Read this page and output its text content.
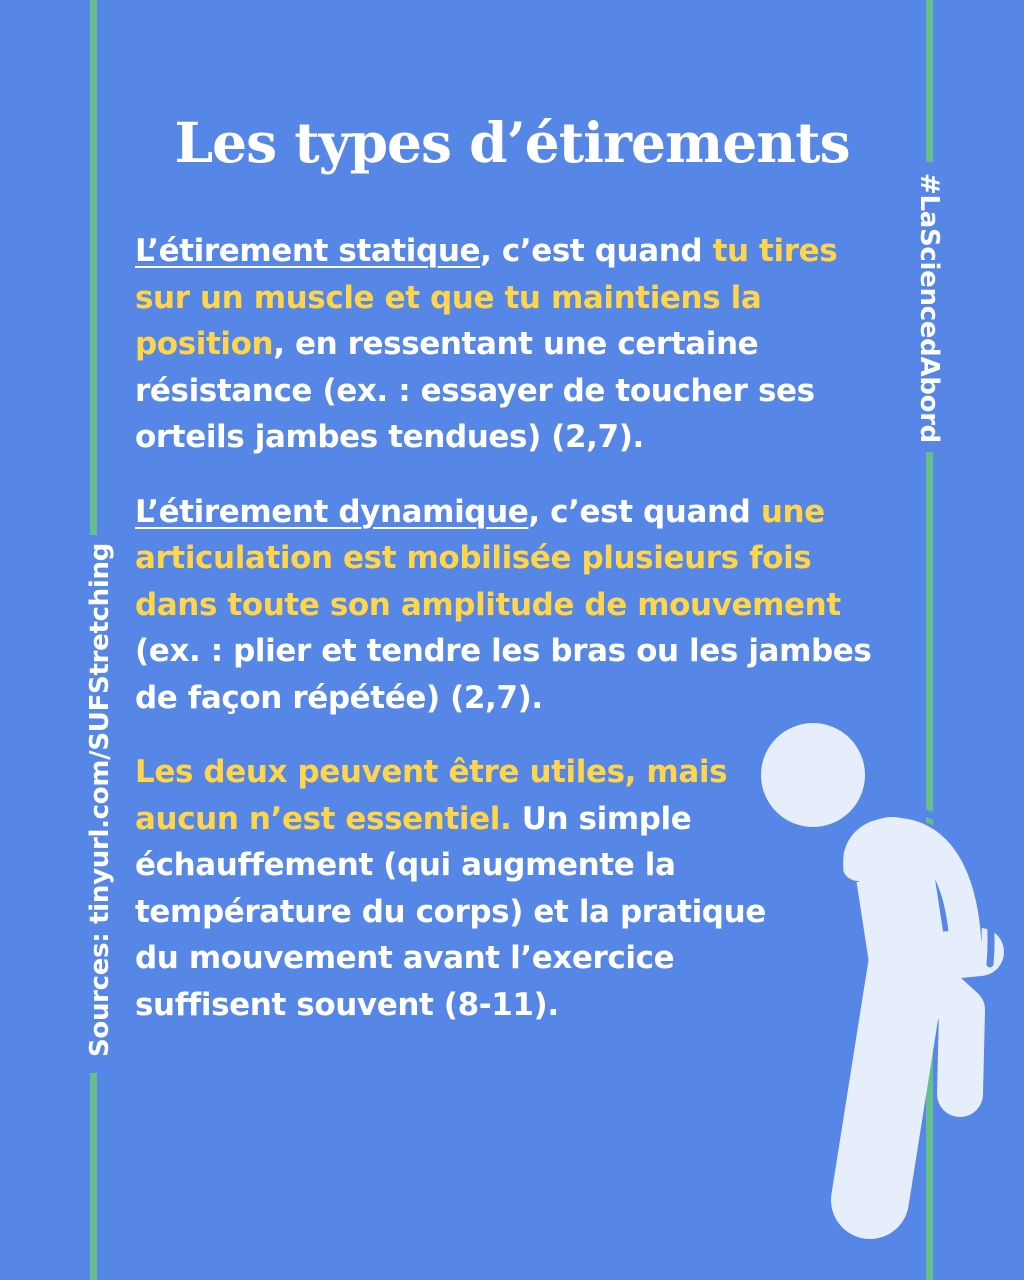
Les types d’étirements

L’étirement statique, c’est quand tu tires sur un muscle et que tu maintiens la position, en ressentant une certaine résistance (ex. : essayer de toucher ses orteils jambes tendues) (2,7).

L’étirement dynamique, c’est quand une articulation est mobilisée plusieurs fois dans toute son amplitude de mouvement (ex. : plier et tendre les bras ou les jambes de façon répétée) (2,7).

Les deux peuvent être utiles, mais aucun n’est essentiel. Un simple échauffement (qui augmente la température du corps) et la pratique du mouvement avant l’exercice suffisent souvent (8-11).

Sources: tinyurl.com/SUFStretching
#LaSciencedAbord
